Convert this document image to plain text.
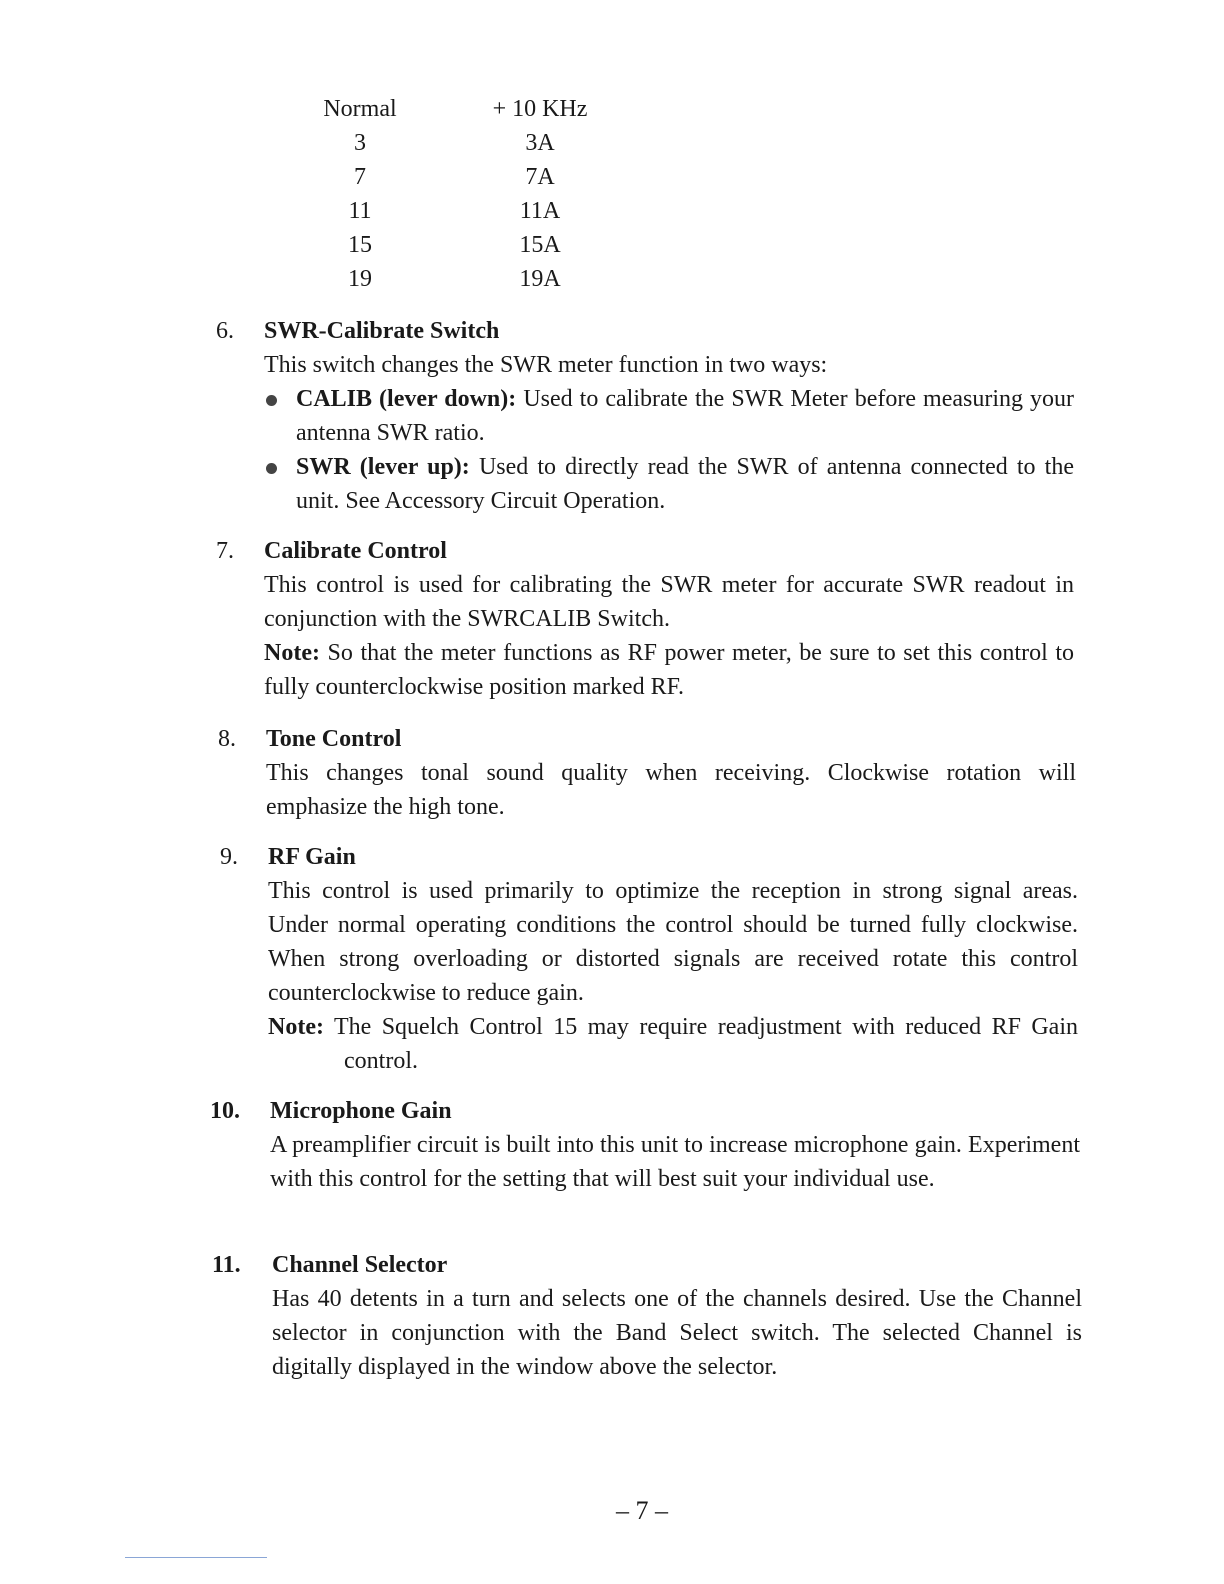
Normal	+ 10 KHz
3	3A
7	7A
11	11A
15	15A
19	19A
6.	SWR-Calibrate Switch
This switch changes the SWR meter function in two ways:
CALIB (lever down): Used to calibrate the SWR Meter before measuring your antenna SWR ratio.
SWR (lever up): Used to directly read the SWR of antenna connected to the unit. See Accessory Circuit Operation.
7.	Calibrate Control
This control is used for calibrating the SWR meter for accurate SWR readout in conjunction with the SWRCALIB Switch.
Note: So that the meter functions as RF power meter, be sure to set this control to fully counterclockwise position marked RF.
8.	Tone Control
This changes tonal sound quality when receiving. Clockwise rotation will emphasize the high tone.
9.	RF Gain
This control is used primarily to optimize the reception in strong signal areas. Under normal operating conditions the control should be turned fully clockwise. When strong overloading or distorted signals are received rotate this control counterclockwise to reduce gain.
Note: The Squelch Control 15 may require readjustment with reduced RF Gain control.
10.	Microphone Gain
A preamplifier circuit is built into this unit to increase microphone gain. Experiment with this control for the setting that will best suit your individual use.
11.	Channel Selector
Has 40 detents in a turn and selects one of the channels desired. Use the Channel selector in conjunction with the Band Select switch. The selected Channel is digitally displayed in the window above the selector.
– 7 –
